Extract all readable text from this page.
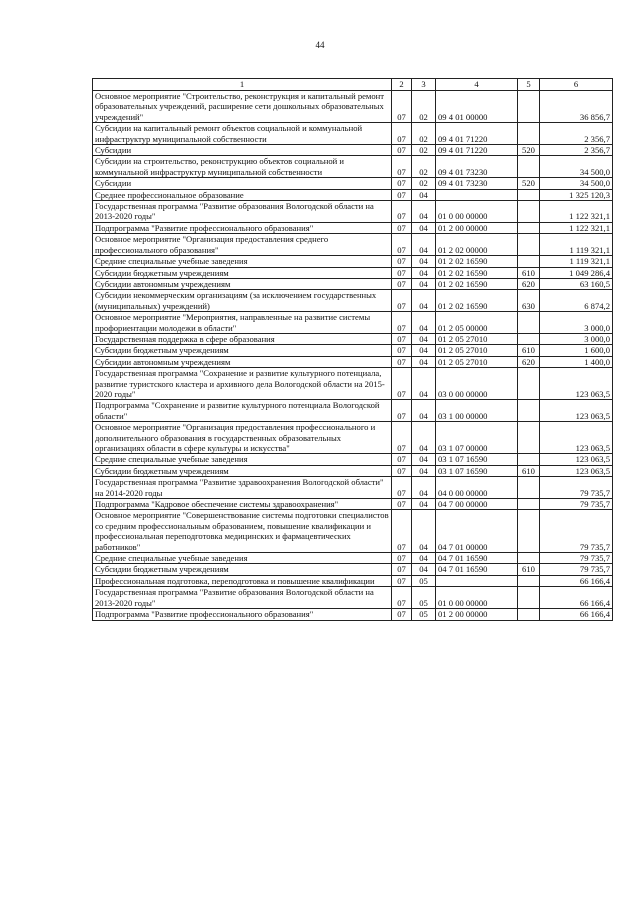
44
1	2	3	4	5	6
Основное мероприятие "Строительство, реконструкция и капитальный ремонт образовательных учреждений, расширение сети дошкольных образовательных учреждений"	07	02	09 4 01 00000		36 856,7
Субсидии на капитальный ремонт объектов социальной и коммунальной инфраструктур муниципальной собственности	07	02	09 4 01 71220		2 356,7
Субсидии	07	02	09 4 01 71220	520	2 356,7
Субсидии на строительство, реконструкцию объектов социальной и коммунальной инфраструктур муниципальной собственности	07	02	09 4 01 73230		34 500,0
Субсидии	07	02	09 4 01 73230	520	34 500,0
Среднее профессиональное образование	07	04			1 325 120,3
Государственная программа "Развитие образования Вологодской области на 2013-2020 годы"	07	04	01 0 00 00000		1 122 321,1
Подпрограмма "Развитие профессионального образования"	07	04	01 2 00 00000		1 122 321,1
Основное мероприятие "Организация предоставления среднего профессионального образования"	07	04	01 2 02 00000		1 119 321,1
Средние специальные учебные заведения	07	04	01 2 02 16590		1 119 321,1
Субсидии бюджетным учреждениям	07	04	01 2 02 16590	610	1 049 286,4
Субсидии автономным учреждениям	07	04	01 2 02 16590	620	63 160,5
Субсидии некоммерческим организациям (за исключением государственных (муниципальных) учреждений)	07	04	01 2 02 16590	630	6 874,2
Основное мероприятие "Мероприятия, направленные на развитие системы профориентации молодежи в области"	07	04	01 2 05 00000		3 000,0
Государственная поддержка в сфере образования	07	04	01 2 05 27010		3 000,0
Субсидии бюджетным учреждениям	07	04	01 2 05 27010	610	1 600,0
Субсидии автономным учреждениям	07	04	01 2 05 27010	620	1 400,0
Государственная программа "Сохранение и развитие культурного потенциала, развитие туристского кластера и архивного дела Вологодской области на 2015-2020 годы"	07	04	03 0 00 00000		123 063,5
Подпрограмма "Сохранение и развитие культурного потенциала Вологодской области"	07	04	03 1 00 00000		123 063,5
Основное мероприятие "Организация предоставления профессионального и дополнительного образования в государственных образовательных организациях области в сфере культуры и искусства"	07	04	03 1 07 00000		123 063,5
Средние специальные учебные заведения	07	04	03 1 07 16590		123 063,5
Субсидии бюджетным учреждениям	07	04	03 1 07 16590	610	123 063,5
Государственная программа "Развитие здравоохранения Вологодской области" на 2014-2020 годы	07	04	04 0 00 00000		79 735,7
Подпрограмма "Кадровое обеспечение системы здравоохранения"	07	04	04 7 00 00000		79 735,7
Основное мероприятие "Совершенствование системы подготовки специалистов со средним профессиональным образованием, повышение квалификации и профессиональная переподготовка медицинских и фармацевтических работников"	07	04	04 7 01 00000		79 735,7
Средние специальные учебные заведения	07	04	04 7 01 16590		79 735,7
Субсидии бюджетным учреждениям	07	04	04 7 01 16590	610	79 735,7
Профессиональная подготовка, переподготовка и повышение квалификации	07	05			66 166,4
Государственная программа "Развитие образования Вологодской области на 2013-2020 годы"	07	05	01 0 00 00000		66 166,4
Подпрограмма "Развитие профессионального образования"	07	05	01 2 00 00000		66 166,4
